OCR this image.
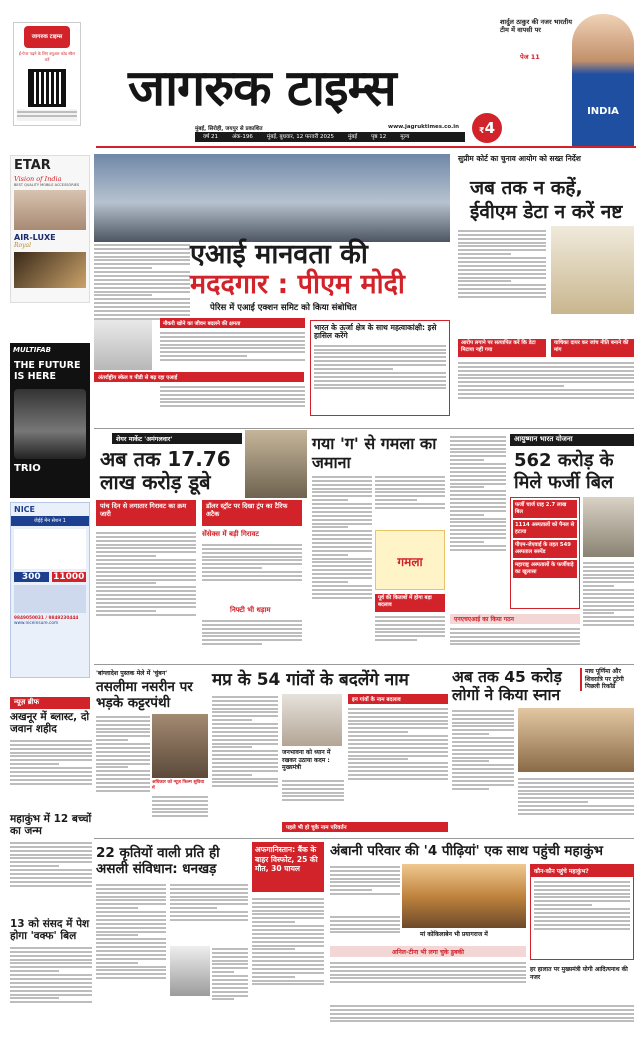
जागरुक टाइम्स
ई-पेपर पढ़ने के लिए क्यूआर कोड स्कैन करें
ETAR
Vision of India
BEST QUALITY MOBILE ACCESSORIES
AIR-LUXE
Royal
MULTIFAB
THE FUTURE IS HERE
TRIO
NICE
जेईई मेन सेशन 1
300	11000
9849050031 / 9849230444
www.niceinsure.com
न्यूज़ ब्रीफ
अखनूर में ब्लास्ट, दो जवान शहीद
महाकुंभ में 12 बच्चों का जन्म
13 को संसद में पेश होगा 'वक्फ' बिल
जागरुक टाइम्स
मुंबई, सिरोही, जयपुर से प्रकाशित	www.jagruktimes.co.in	₹4
वर्ष 21	अंक-196	मुंबई, बुधवार, 12 फरवरी 2025	मुंबई	पृष्ठ 12	मूल्य
शार्दुल ठाकुर की नजर भारतीय टीम में वापसी पर
पेज 11
INDIA
एआई मानवता की
मददगार : पीएम मोदी
पेरिस में एआई एक्शन समिट को किया संबोधित
नौकरी खोने का जीवन बदलने की क्षमता	भारत के ऊर्जा क्षेत्र के साथ महत्वाकांक्षी: इसे हासिल करेंगे
अंतर्राष्ट्रीय स्केल व पीडी से बढ़ रहा एआई
सुप्रीम कोर्ट का चुनाव आयोग को सख्त निर्देश
जब तक न कहें, ईवीएम डेटा न करें नष्ट
आरोप लगाने पर सत्यापित करें कि डेटा मिटाया नहीं गया
याचिका दायर कर जांच नीति बनाने की मांग
शेयर मार्केट 'अमंगलवार'
अब तक 17.76 लाख करोड़ डूबे
पांच दिन से लगातार गिरावट का क्रम जारी
डॉलर स्ट्रॉट पर दिखा ट्रंप का टैरिफ अटैक
सेंसेक्स में बड़ी गिरावट
निफ्टी भी धड़ाम
गया 'ग' से गमला का जमाना
गमला
पूर्व की किताबों में होगा बड़ा बदलाव
आयुष्मान भारत योजना
562 करोड़ के मिले फर्जी बिल
फर्जी चार्ज ग्राह 2.7 लाख बिल
1114 अस्पतालों को पैनल से हटाया
पीएम-जेएवाई के तहत 549 अस्पताल सस्पेंड
महाराष्ट्र अस्पतालों के फर्जीवाड़े का खुलासा
एनएचएआई का किया गठन
'बांग्लादेश पुस्तक मेले में 'चुंबन'
तसलीमा नसरीन पर भड़के कट्टरपंथी
अधिकार को न्यूज़ फिल्म सुविधा में
मप्र के 54 गांवों के बदलेंगे नाम
जनभावना को ध्यान में रखकर उठाया कदम : मुख्यमंत्री
इन गांवों के नाम बदलाव
पहले भी हो चुके नाम परिवर्तन
अब तक 45 करोड़ लोगों ने किया स्नान
माघ पूर्णिमा और शिवरात्रि पर टूटेगी पिछली रिकॉर्ड
22 कृतियों वाली प्रति ही असली संविधान: धनखड़
अफगानिस्तान: बैंक के बाहर विस्फोट, 25 की मौत, 30 घायल
अंबानी परिवार की '4 पीढ़ियां' एक साथ पहुंची महाकुंभ
कौन-कौन पहुंचे महाकुंभ?
मां कोकिलाबेन भी प्रयागराज में
अनिल-टीना भी लगा चुके डुबकी
हर हालात पर मुख्यमंत्री योगी आदित्यनाथ की नजर
